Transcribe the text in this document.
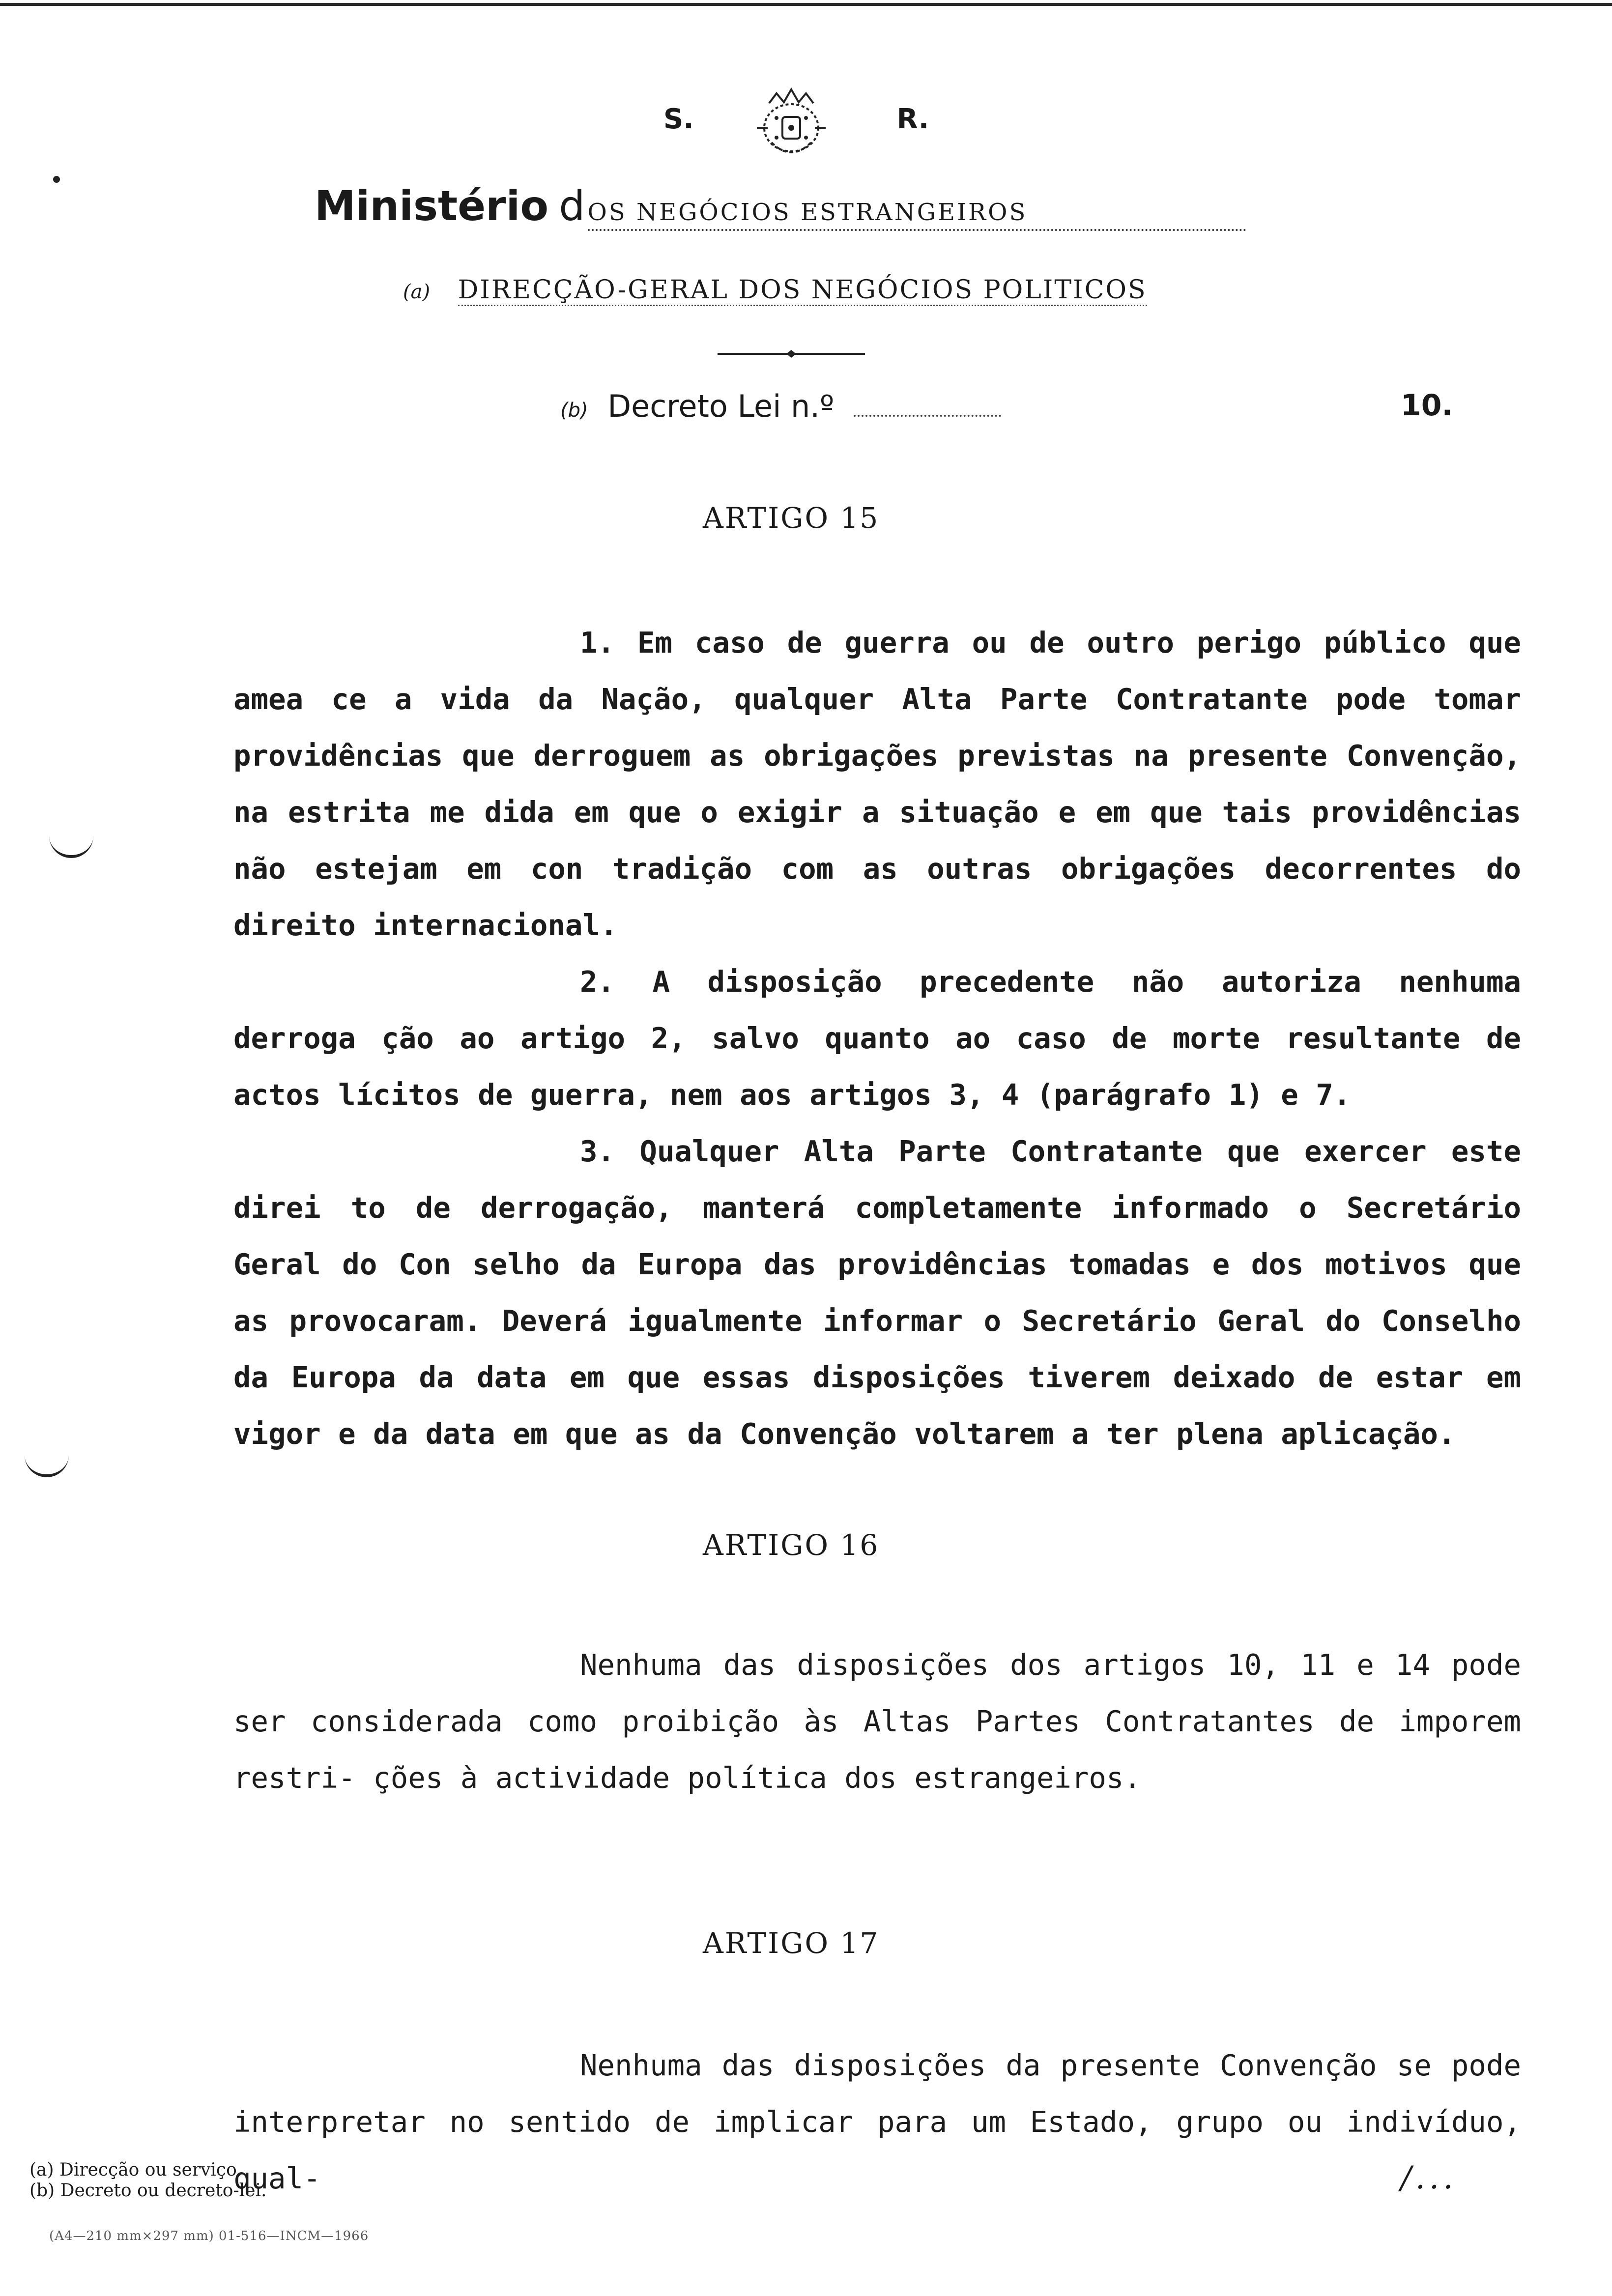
S.	R.
Ministério d OS NEGÓCIOS ESTRANGEIROS
(a) DIRECÇÃO-GERAL DOS NEGÓCIOS POLITICOS
(b) Decreto Lei n.º	10.
ARTIGO 15

1. Em caso de guerra ou de outro perigo público que amea ce a vida da Nação, qualquer Alta Parte Contratante pode tomar providências que derroguem as obrigações previstas na presente Convenção, na estrita me dida em que o exigir a situação e em que tais providências não estejam em con tradição com as outras obrigações decorrentes do direito internacional.

2. A disposição precedente não autoriza nenhuma derroga ção ao artigo 2, salvo quanto ao caso de morte resultante de actos lícitos de guerra, nem aos artigos 3, 4 (parágrafo 1) e 7.

3. Qualquer Alta Parte Contratante que exercer este direi to de derrogação, manterá completamente informado o Secretário Geral do Con selho da Europa das providências tomadas e dos motivos que as provocaram. Deverá igualmente informar o Secretário Geral do Conselho da Europa da data em que essas disposições tiverem deixado de estar em vigor e da data em que as da Convenção voltarem a ter plena aplicação.

ARTIGO 16

Nenhuma das disposições dos artigos 10, 11 e 14 pode ser considerada como proibição às Altas Partes Contratantes de imporem restri- ções à actividade política dos estrangeiros.

ARTIGO 17

Nenhuma das disposições da presente Convenção se pode interpretar no sentido de implicar para um Estado, grupo ou indivíduo, qual-

(a) Direcção ou serviço.
(b) Decreto ou decreto-lei.	/...
(A4—210 mm×297 mm) 01-516—INCM—1966
